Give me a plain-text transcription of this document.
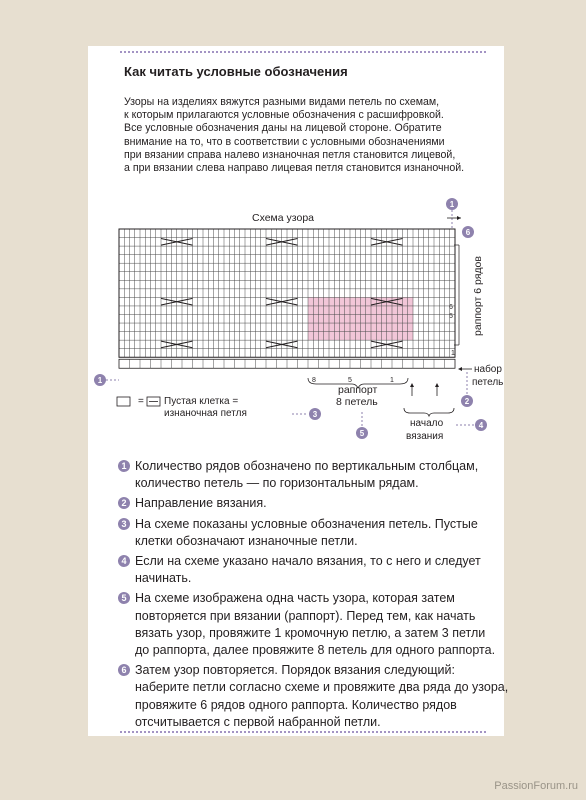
Как читать условные обозначения
Узоры на изделиях вяжутся разными видами петель по схемам,
к которым прилагаются условные обозначения с расшифровкой.
Все условные обозначения даны на лицевой стороне. Обратите
внимание на то, что в соответствии с условными обозначениями
при вязании справа налево изнаночная петля становится лицевой,
а при вязании слева направо лицевая петля становится изнаночной.
1
1
6
2
3
5
4
Схема узора
раппорт 6 рядов
1
5
6
8	5	1
набор
петель
раппорт
8 петель
начало
вязания
= Пустая клетка =
изнаночная петля
1 Количество рядов обозначено по вертикальным столбцам,
количество петель — по горизонтальным рядам.
2 Направление вязания.
3 На схеме показаны условные обозначения петель. Пустые
клетки обозначают изнаночные петли.
4 Если на схеме указано начало вязания, то с него и следует
начинать.
5 На схеме изображена одна часть узора, которая затем
повторяется при вязании (раппорт). Перед тем, как начать
вязать узор, провяжите 1 кромочную петлю, а затем 3 петли
до раппорта, далее провяжите 8 петель для одного раппорта.
6 Затем узор повторяется. Порядок вязания следующий:
наберите петли согласно схеме и провяжите два ряда до узора,
провяжите 6 рядов одного раппорта. Количество рядов
отсчитывается с первой набранной петли.
PassionForum.ru
